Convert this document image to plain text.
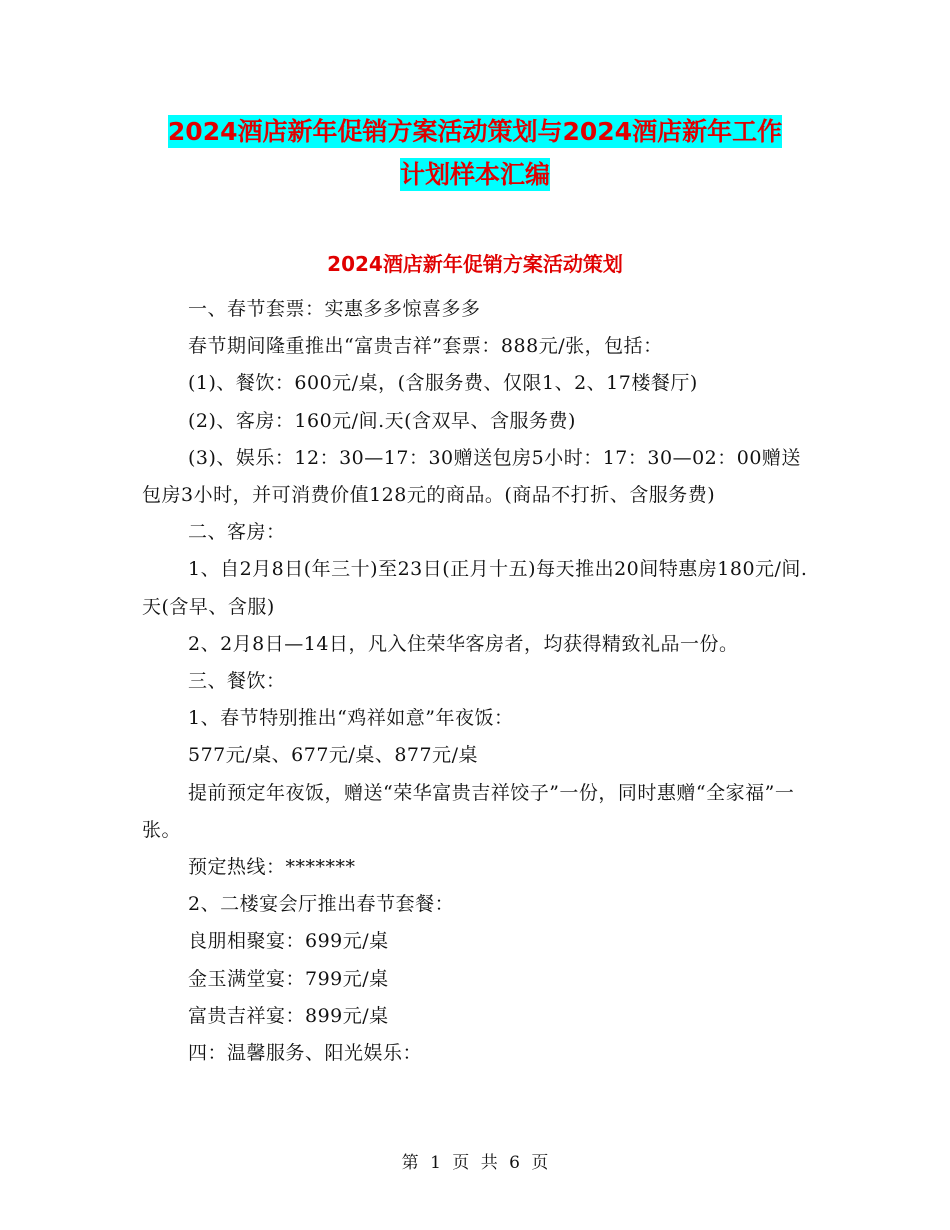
2024酒店新年促销方案活动策划与2024酒店新年工作
计划样本汇编
2024酒店新年促销方案活动策划

一、春节套票：实惠多多惊喜多多

春节期间隆重推出“富贵吉祥”套票：888元/张，包括：

(1)、餐饮：600元/桌，(含服务费、仅限1、2、17楼餐厅)

(2)、客房：160元/间.天(含双早、含服务费)

(3)、娱乐：12：30—17：30赠送包房5小时：17：30—02：00赠送包房3小时，并可消费价值128元的商品。(商品不打折、含服务费)

二、客房：

1、自2月8日(年三十)至23日(正月十五)每天推出20间特惠房180元/间.天(含早、含服)

2、2月8日—14日，凡入住荣华客房者，均获得精致礼品一份。

三、餐饮：

1、春节特别推出“鸡祥如意”年夜饭：

577元/桌、677元/桌、877元/桌

提前预定年夜饭，赠送“荣华富贵吉祥饺子”一份，同时惠赠“全家福”一张。

预定热线：*******

2、二楼宴会厅推出春节套餐：

良朋相聚宴：699元/桌

金玉满堂宴：799元/桌

富贵吉祥宴：899元/桌

四：温馨服务、阳光娱乐：

第 1 页 共 6 页
